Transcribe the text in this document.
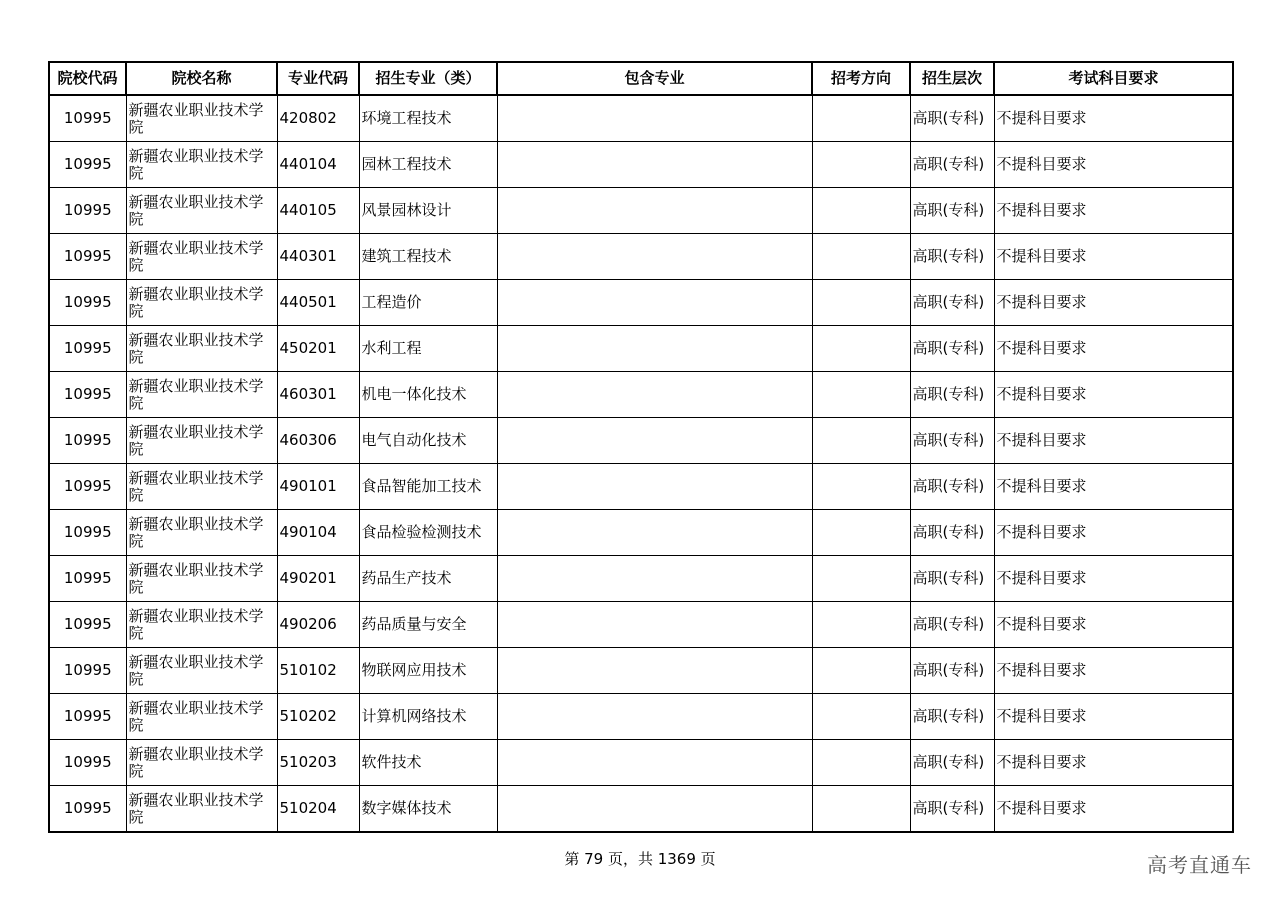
院校代码	院校名称	专业代码	招生专业（类）	包含专业	招考方向	招生层次	考试科目要求
10995	新疆农业职业技术学院	420802	环境工程技术			高职(专科)	不提科目要求
10995	新疆农业职业技术学院	440104	园林工程技术			高职(专科)	不提科目要求
10995	新疆农业职业技术学院	440105	风景园林设计			高职(专科)	不提科目要求
10995	新疆农业职业技术学院	440301	建筑工程技术			高职(专科)	不提科目要求
10995	新疆农业职业技术学院	440501	工程造价			高职(专科)	不提科目要求
10995	新疆农业职业技术学院	450201	水利工程			高职(专科)	不提科目要求
10995	新疆农业职业技术学院	460301	机电一体化技术			高职(专科)	不提科目要求
10995	新疆农业职业技术学院	460306	电气自动化技术			高职(专科)	不提科目要求
10995	新疆农业职业技术学院	490101	食品智能加工技术			高职(专科)	不提科目要求
10995	新疆农业职业技术学院	490104	食品检验检测技术			高职(专科)	不提科目要求
10995	新疆农业职业技术学院	490201	药品生产技术			高职(专科)	不提科目要求
10995	新疆农业职业技术学院	490206	药品质量与安全			高职(专科)	不提科目要求
10995	新疆农业职业技术学院	510102	物联网应用技术			高职(专科)	不提科目要求
10995	新疆农业职业技术学院	510202	计算机网络技术			高职(专科)	不提科目要求
10995	新疆农业职业技术学院	510203	软件技术			高职(专科)	不提科目要求
10995	新疆农业职业技术学院	510204	数字媒体技术			高职(专科)	不提科目要求
第 79 页，共 1369 页	高考直通车
